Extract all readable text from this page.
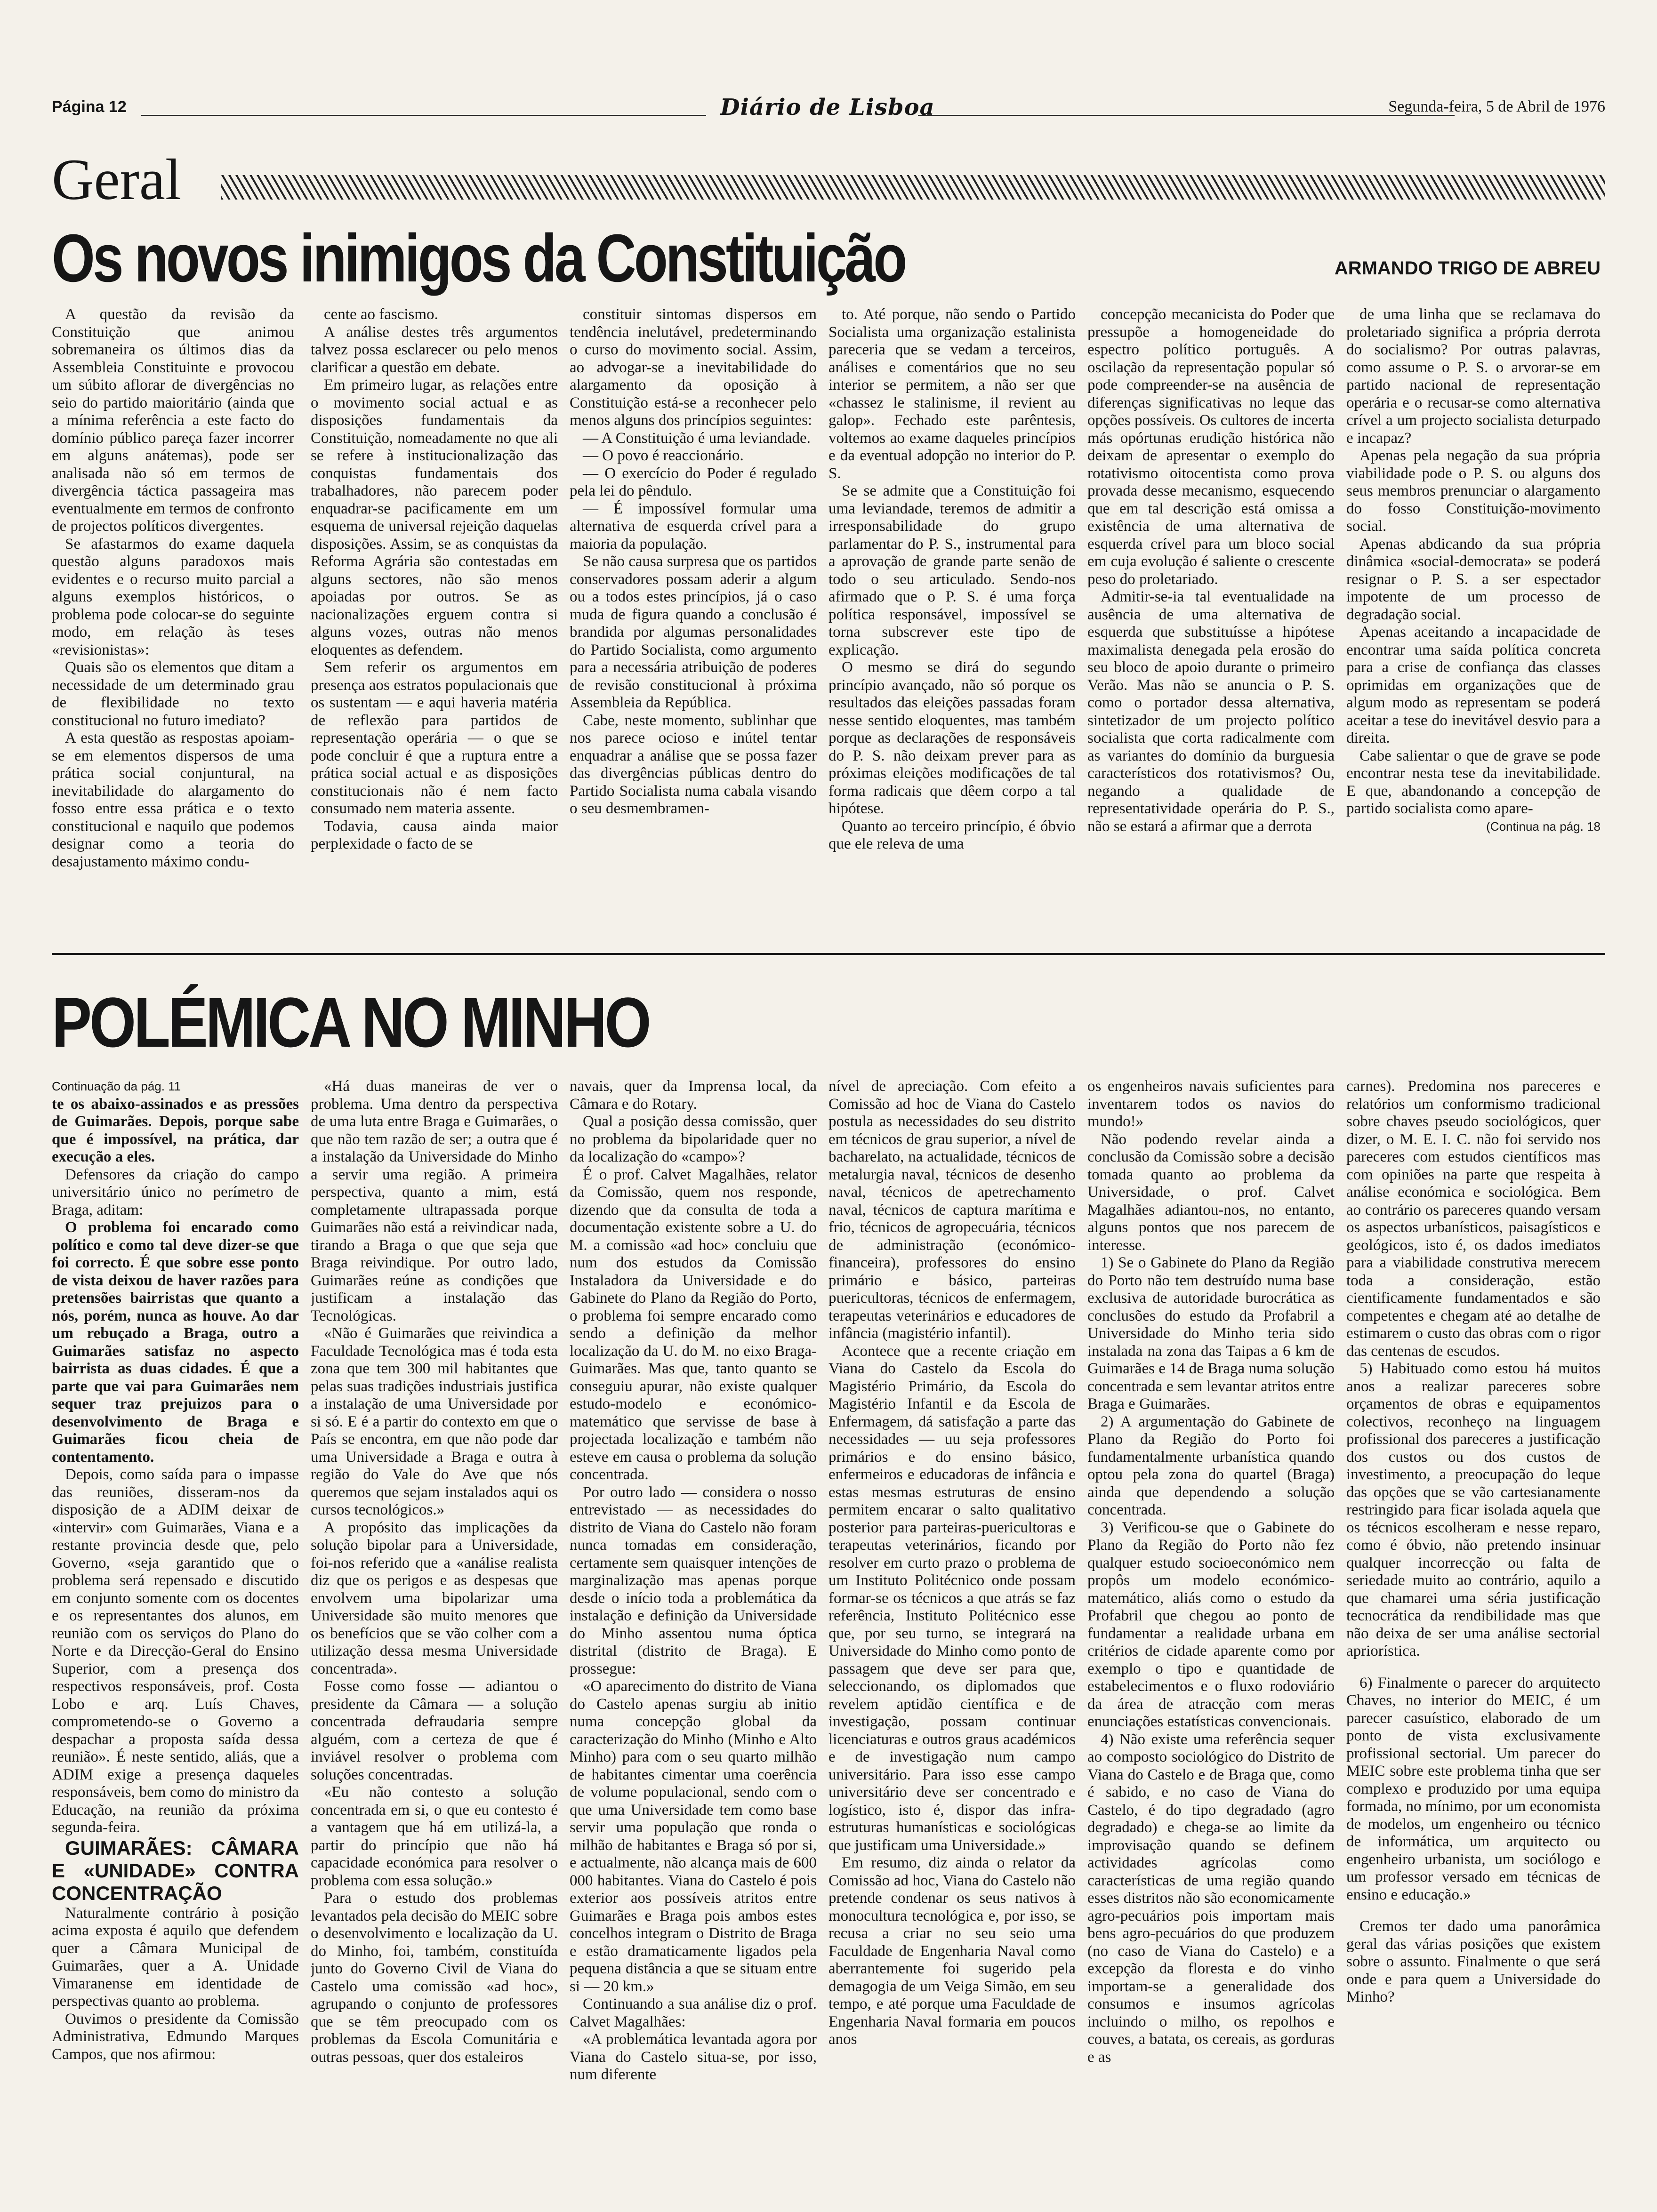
Página 12	Diário de Lisboa	Segunda-feira, 5 de Abril de 1976
Geral
Os novos inimigos da Constituição	ARMANDO TRIGO DE ABREU

A questão da revisão da Constituição que animou sobremaneira os últimos dias da Assembleia Constituinte e provocou um súbito aflorar de divergências no seio do partido maioritário (ainda que a mínima referência a este facto do domínio público pareça fazer incorrer em alguns anátemas), pode ser analisada não só em termos de divergência táctica passageira mas eventualmente em termos de confronto de projectos políticos divergentes.

Se afastarmos do exame daquela questão alguns paradoxos mais evidentes e o recurso muito parcial a alguns exemplos históricos, o problema pode colocar-se do seguinte modo, em relação às teses «revisionistas»:

Quais são os elementos que ditam a necessidade de um determinado grau de flexibilidade no texto constitucional no futuro imediato?

A esta questão as respostas apoiam-se em elementos dispersos de uma prática social conjuntural, na inevitabilidade do alargamento do fosso entre essa prática e o texto constitucional e naquilo que podemos designar como a teoria do desajustamento máximo condu-

cente ao fascismo.

A análise destes três argumentos talvez possa esclarecer ou pelo menos clarificar a questão em debate.

Em primeiro lugar, as relações entre o movimento social actual e as disposições fundamentais da Constituição, nomeadamente no que ali se refere à institucionalização das conquistas fundamentais dos trabalhadores, não parecem poder enquadrar-se pacificamente em um esquema de universal rejeição daquelas disposições. Assim, se as conquistas da Reforma Agrária são contestadas em alguns sectores, não são menos apoiadas por outros. Se as nacionalizações erguem contra si alguns vozes, outras não menos eloquentes as defendem.

Sem referir os argumentos em presença aos estratos populacionais que os sustentam — e aqui haveria matéria de reflexão para partidos de representação operária — o que se pode concluir é que a ruptura entre a prática social actual e as disposições constitucionais não é nem facto consumado nem materia assente.

Todavia, causa ainda maior perplexidade o facto de se

constituir sintomas dispersos em tendência inelutável, predeterminando o curso do movimento social. Assim, ao advogar-se a inevitabilidade do alargamento da oposição à Constituição está-se a reconhecer pelo menos alguns dos princípios seguintes:

— A Constituição é uma leviandade.

— O povo é reaccionário.

— O exercício do Poder é regulado pela lei do pêndulo.

— É impossível formular uma alternativa de esquerda crível para a maioria da população.

Se não causa surpresa que os partidos conservadores possam aderir a algum ou a todos estes princípios, já o caso muda de figura quando a conclusão é brandida por algumas personalidades do Partido Socialista, como argumento para a necessária atribuição de poderes de revisão constitucional à próxima Assembleia da República.

Cabe, neste momento, sublinhar que nos parece ocioso e inútel tentar enquadrar a análise que se possa fazer das divergências públicas dentro do Partido Socialista numa cabala visando o seu desmembramen-

to. Até porque, não sendo o Partido Socialista uma organização estalinista pareceria que se vedam a terceiros, análises e comentários que no seu interior se permitem, a não ser que «chassez le stalinisme, il revient au galop». Fechado este parêntesis, voltemos ao exame daqueles princípios e da eventual adopção no interior do P. S.

Se se admite que a Constituição foi uma leviandade, teremos de admitir a irresponsabilidade do grupo parlamentar do P. S., instrumental para a aprovação de grande parte senão de todo o seu articulado. Sendo-nos afirmado que o P. S. é uma força política responsável, impossível se torna subscrever este tipo de explicação.

O mesmo se dirá do segundo princípio avançado, não só porque os resultados das eleições passadas foram nesse sentido eloquentes, mas também porque as declarações de responsáveis do P. S. não deixam prever para as próximas eleições modificações de tal forma radicais que dêem corpo a tal hipótese.

Quanto ao terceiro princípio, é óbvio que ele releva de uma

concepção mecanicista do Poder que pressupõe a homogeneidade do espectro político português. A oscilação da representação popular só pode compreender-se na ausência de diferenças significativas no leque das opções possíveis. Os cultores de incerta más opórtunas erudição histórica não deixam de apresentar o exemplo do rotativismo oitocentista como prova provada desse mecanismo, esquecendo que em tal descrição está omissa a existência de uma alternativa de esquerda crível para um bloco social em cuja evolução é saliente o crescente peso do proletariado.

Admitir-se-ia tal eventualidade na ausência de uma alternativa de esquerda que substituísse a hipótese maximalista denegada pela erosão do seu bloco de apoio durante o primeiro Verão. Mas não se anuncia o P. S. como o portador dessa alternativa, sintetizador de um projecto político socialista que corta radicalmente com as variantes do domínio da burguesia característicos dos rotativismos? Ou, negando a qualidade de representatividade operária do P. S., não se estará a afirmar que a derrota

de uma linha que se reclamava do proletariado significa a própria derrota do socialismo? Por outras palavras, como assume o P. S. o arvorar-se em partido nacional de representação operária e o recusar-se como alternativa crível a um projecto socialista deturpado e incapaz?

Apenas pela negação da sua própria viabilidade pode o P. S. ou alguns dos seus membros prenunciar o alargamento do fosso Constituição-movimento social.

Apenas abdicando da sua própria dinâmica «social-democrata» se poderá resignar o P. S. a ser espectador impotente de um processo de degradação social.

Apenas aceitando a incapacidade de encontrar uma saída política concreta para a crise de confiança das classes oprimidas em organizações que de algum modo as representam se poderá aceitar a tese do inevitável desvio para a direita.

Cabe salientar o que de grave se pode encontrar nesta tese da inevitabilidade. E que, abandonando a concepção de partido socialista como apare-

(Continua na pág. 18

POLÉMICA NO MINHO

Continuação da pág. 11

te os abaixo-assinados e as pressões de Guimarães. Depois, porque sabe que é impossível, na prática, dar execução a eles.

Defensores da criação do campo universitário único no perímetro de Braga, aditam:

O problema foi encarado como político e como tal deve dizer-se que foi correcto. É que sobre esse ponto de vista deixou de haver razões para pretensões bairristas que quanto a nós, porém, nunca as houve. Ao dar um rebuçado a Braga, outro a Guimarães satisfaz no aspecto bairrista as duas cidades. É que a parte que vai para Guimarães nem sequer traz prejuizos para o desenvolvimento de Braga e Guimarães ficou cheia de contentamento.

Depois, como saída para o impasse das reuniões, disseram-nos da disposição de a ADIM deixar de «intervir» com Guimarães, Viana e a restante provincia desde que, pelo Governo, «seja garantido que o problema será repensado e discutido em conjunto somente com os docentes e os representantes dos alunos, em reunião com os serviços do Plano do Norte e da Direcção-Geral do Ensino Superior, com a presença dos respectivos responsáveis, prof. Costa Lobo e arq. Luís Chaves, comprometendo-se o Governo a despachar a proposta saída dessa reunião». É neste sentido, aliás, que a ADIM exige a presença daqueles responsáveis, bem como do ministro da Educação, na reunião da próxima segunda-feira.

GUIMARÃES: CÂMARA E «UNIDADE» CONTRA CONCENTRAÇÃO

Naturalmente contrário à posição acima exposta é aquilo que defendem quer a Câmara Municipal de Guimarães, quer a A. Unidade Vimaranense em identidade de perspectivas quanto ao problema.

Ouvimos o presidente da Comissão Administrativa, Edmundo Marques Campos, que nos afirmou:

«Há duas maneiras de ver o problema. Uma dentro da perspectiva de uma luta entre Braga e Guimarães, o que não tem razão de ser; a outra que é a instalação da Universidade do Minho a servir uma região. A primeira perspectiva, quanto a mim, está completamente ultrapassada porque Guimarães não está a reivindicar nada, tirando a Braga o que que seja que Braga reivindique. Por outro lado, Guimarães reúne as condições que justificam a instalação das Tecnológicas.

«Não é Guimarães que reivindica a Faculdade Tecnológica mas é toda esta zona que tem 300 mil habitantes que pelas suas tradições industriais justifica a instalação de uma Universidade por si só. E é a partir do contexto em que o País se encontra, em que não pode dar uma Universidade a Braga e outra à região do Vale do Ave que nós queremos que sejam instalados aqui os cursos tecnológicos.»

A propósito das implicações da solução bipolar para a Universidade, foi-nos referido que a «análise realista diz que os perigos e as despesas que envolvem uma bipolarizar uma Universidade são muito menores que os benefícios que se vão colher com a utilização dessa mesma Universidade concentrada».

Fosse como fosse — adiantou o presidente da Câmara — a solução concentrada defraudaria sempre alguém, com a certeza de que é inviável resolver o problema com soluções concentradas.

«Eu não contesto a solução concentrada em si, o que eu contesto é a vantagem que há em utilizá-la, a partir do princípio que não há capacidade económica para resolver o problema com essa solução.»

Para o estudo dos problemas levantados pela decisão do MEIC sobre o desenvolvimento e localização da U. do Minho, foi, também, constituída junto do Governo Civil de Viana do Castelo uma comissão «ad hoc», agrupando o conjunto de professores que se têm preocupado com os problemas da Escola Comunitária e outras pessoas, quer dos estaleiros

navais, quer da Imprensa local, da Câmara e do Rotary.

Qual a posição dessa comissão, quer no problema da bipolaridade quer no da localização do «campo»?

É o prof. Calvet Magalhães, relator da Comissão, quem nos responde, dizendo que da consulta de toda a documentação existente sobre a U. do M. a comissão «ad hoc» concluiu que num dos estudos da Comissão Instaladora da Universidade e do Gabinete do Plano da Região do Porto, o problema foi sempre encarado como sendo a definição da melhor localização da U. do M. no eixo Braga-Guimarães. Mas que, tanto quanto se conseguiu apurar, não existe qualquer estudo-modelo e económico-matemático que servisse de base à projectada localização e também não esteve em causa o problema da solução concentrada.

Por outro lado — considera o nosso entrevistado — as necessidades do distrito de Viana do Castelo não foram nunca tomadas em consideração, certamente sem quaisquer intenções de marginalização mas apenas porque desde o início toda a problemática da instalação e definição da Universidade do Minho assentou numa óptica distrital (distrito de Braga). E prossegue:

«O aparecimento do distrito de Viana do Castelo apenas surgiu ab initio numa concepção global da caracterização do Minho (Minho e Alto Minho) para com o seu quarto milhão de habitantes cimentar uma coerência de volume populacional, sendo com o que uma Universidade tem como base servir uma população que ronda o milhão de habitantes e Braga só por si, e actualmente, não alcança mais de 600 000 habitantes. Viana do Castelo é pois exterior aos possíveis atritos entre Guimarães e Braga pois ambos estes concelhos integram o Distrito de Braga e estão dramaticamente ligados pela pequena distância a que se situam entre si — 20 km.»

Continuando a sua análise diz o prof. Calvet Magalhães:

«A problemática levantada agora por Viana do Castelo situa-se, por isso, num diferente

nível de apreciação. Com efeito a Comissão ad hoc de Viana do Castelo postula as necessidades do seu distrito em técnicos de grau superior, a nível de bacharelato, na actualidade, técnicos de metalurgia naval, técnicos de desenho naval, técnicos de apetrechamento naval, técnicos de captura marítima e frio, técnicos de agropecuária, técnicos de administração (económico-financeira), professores do ensino primário e básico, parteiras puericultoras, técnicos de enfermagem, terapeutas veterinários e educadores de infância (magistério infantil).

Acontece que a recente criação em Viana do Castelo da Escola do Magistério Primário, da Escola do Magistério Infantil e da Escola de Enfermagem, dá satisfação a parte das necessidades — uu seja professores primários e do ensino básico, enfermeiros e educadoras de infância e estas mesmas estruturas de ensino permitem encarar o salto qualitativo posterior para parteiras-puericultoras e terapeutas veterinários, ficando por resolver em curto prazo o problema de um Instituto Politécnico onde possam formar-se os técnicos a que atrás se faz referência, Instituto Politécnico esse que, por seu turno, se integrará na Universidade do Minho como ponto de passagem que deve ser para que, seleccionando, os diplomados que revelem aptidão científica e de investigação, possam continuar licenciaturas e outros graus académicos e de investigação num campo universitário. Para isso esse campo universitário deve ser concentrado e logístico, isto é, dispor das infra-estruturas humanísticas e sociológicas que justificam uma Universidade.»

Em resumo, diz ainda o relator da Comissão ad hoc, Viana do Castelo não pretende condenar os seus nativos à monocultura tecnológica e, por isso, se recusa a criar no seu seio uma Faculdade de Engenharia Naval como aberrantemente foi sugerido pela demagogia de um Veiga Simão, em seu tempo, e até porque uma Faculdade de Engenharia Naval formaria em poucos anos

os engenheiros navais suficientes para inventarem todos os navios do mundo!»

Não podendo revelar ainda a conclusão da Comissão sobre a decisão tomada quanto ao problema da Universidade, o prof. Calvet Magalhães adiantou-nos, no entanto, alguns pontos que nos parecem de interesse.

1) Se o Gabinete do Plano da Região do Porto não tem destruído numa base exclusiva de autoridade burocrática as conclusões do estudo da Profabril a Universidade do Minho teria sido instalada na zona das Taipas a 6 km de Guimarães e 14 de Braga numa solução concentrada e sem levantar atritos entre Braga e Guimarães.

2) A argumentação do Gabinete de Plano da Região do Porto foi fundamentalmente urbanística quando optou pela zona do quartel (Braga) ainda que dependendo a solução concentrada.

3) Verificou-se que o Gabinete do Plano da Região do Porto não fez qualquer estudo socioeconómico nem propôs um modelo económico-matemático, aliás como o estudo da Profabril que chegou ao ponto de fundamentar a realidade urbana em critérios de cidade aparente como por exemplo o tipo e quantidade de estabelecimentos e o fluxo rodoviário da área de atracção com meras enunciações estatísticas convencionais.

4) Não existe uma referência sequer ao composto sociológico do Distrito de Viana do Castelo e de Braga que, como é sabido, e no caso de Viana do Castelo, é do tipo degradado (agro degradado) e chega-se ao limite da improvisação quando se definem actividades agrícolas como características de uma região quando esses distritos não são economicamente agro-pecuários pois importam mais bens agro-pecuários do que produzem (no caso de Viana do Castelo) e a excepção da floresta e do vinho importam-se a generalidade dos consumos e insumos agrícolas incluindo o milho, os repolhos e couves, a batata, os cereais, as gorduras e as

carnes). Predomina nos pareceres e relatórios um conformismo tradicional sobre chaves pseudo sociológicos, quer dizer, o M. E. I. C. não foi servido nos pareceres com estudos científicos mas com opiniões na parte que respeita à análise económica e sociológica. Bem ao contrário os pareceres quando versam os aspectos urbanísticos, paisagísticos e geológicos, isto é, os dados imediatos para a viabilidade construtiva merecem toda a consideração, estão cientificamente fundamentados e são competentes e chegam até ao detalhe de estimarem o custo das obras com o rigor das centenas de escudos.

5) Habituado como estou há muitos anos a realizar pareceres sobre orçamentos de obras e equipamentos colectivos, reconheço na linguagem profissional dos pareceres a justificação dos custos ou dos custos de investimento, a preocupação do leque das opções que se vão cartesianamente restringido para ficar isolada aquela que os técnicos escolheram e nesse reparo, como é óbvio, não pretendo insinuar qualquer incorrecção ou falta de seriedade muito ao contrário, aquilo a que chamarei uma séria justificação tecnocrática da rendibilidade mas que não deixa de ser uma análise sectorial apriorística.

6) Finalmente o parecer do arquitecto Chaves, no interior do MEIC, é um parecer casuístico, elaborado de um ponto de vista exclusivamente profissional sectorial. Um parecer do MEIC sobre este problema tinha que ser complexo e produzido por uma equipa formada, no mínimo, por um economista de modelos, um engenheiro ou técnico de informática, um arquitecto ou engenheiro urbanista, um sociólogo e um professor versado em técnicas de ensino e educação.»

Cremos ter dado uma panorâmica geral das várias posições que existem sobre o assunto. Finalmente o que será onde e para quem a Universidade do Minho?
